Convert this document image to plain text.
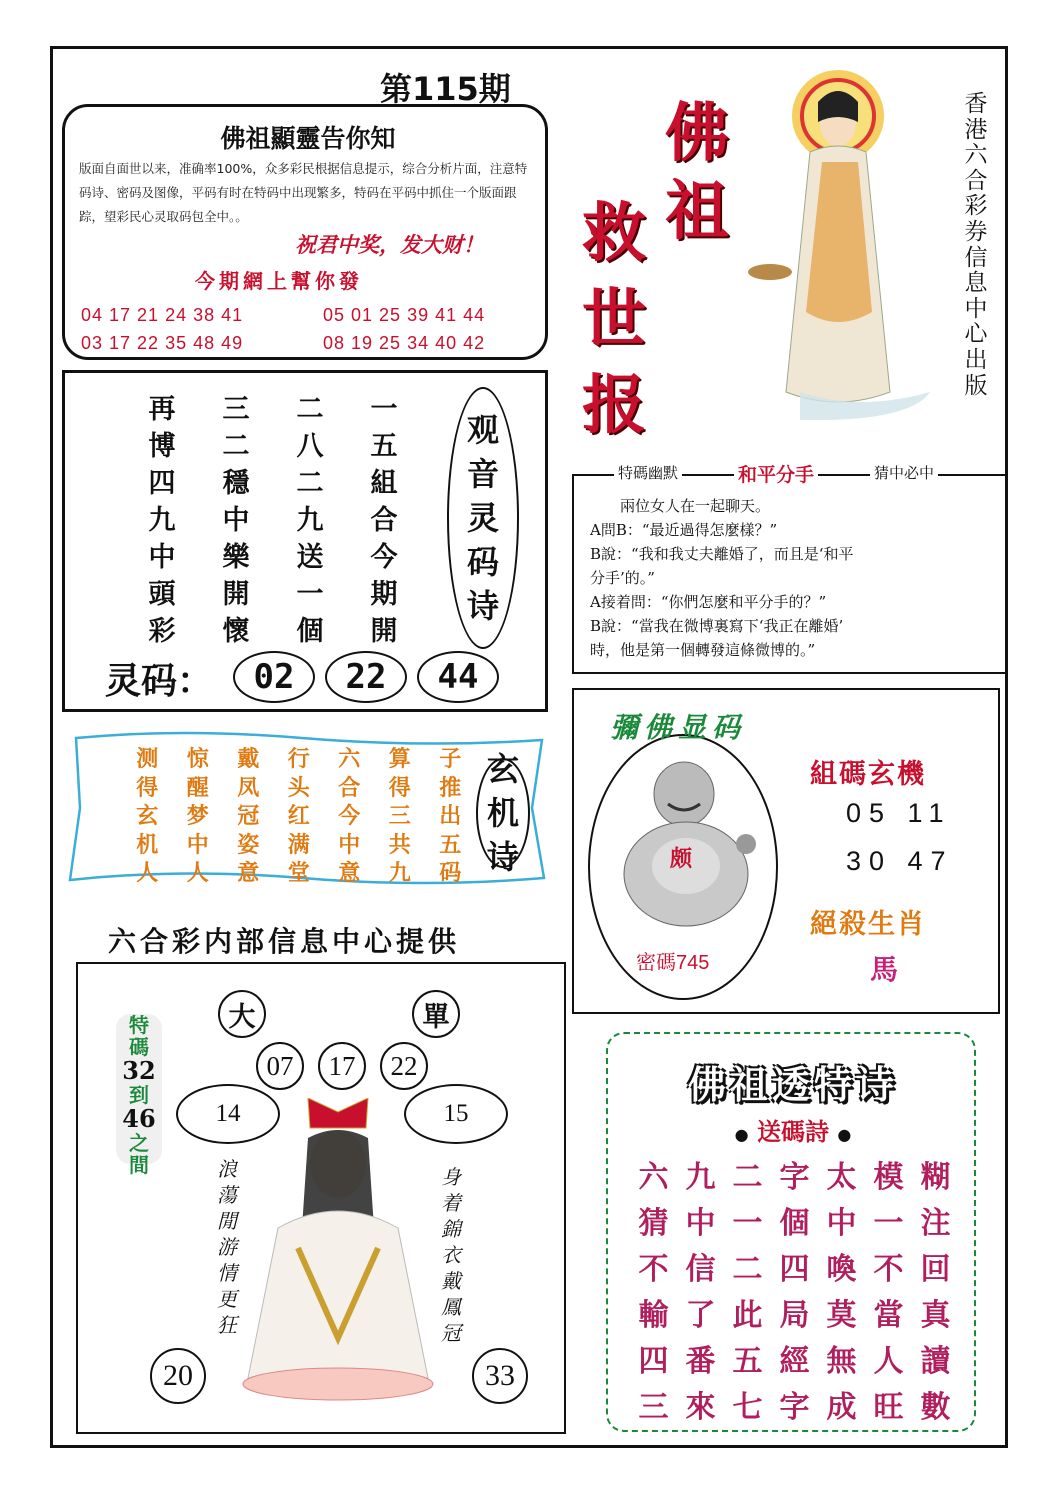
第115期
佛祖顯靈告你知
版面自面世以来，准确率100%，众多彩民根据信息提示，综合分析片面，注意特码诗、密码及图像，平码有时在特码中出现繁多，特码在平码中抓住一个版面跟踪，望彩民心灵取码包全中。。
祝君中奖，发大财！
今期網上幫你發
04 17 21 24 38 41	05 01 25 39 41 44
03 17 22 35 48 49	08 19 25 34 40 42
佛
祖
救
世
报
香港六合彩券信息中心出版
再	三	二	一
博	二	八	五
四	穩	二	組
九	中	九	合
中	樂	送	今
頭	開	一	期
彩	懷	個	開
观
音
灵
码
诗
灵码：	02	22	44
特碼幽默	和平分手	猜中必中
　　兩位女人在一起聊天。
A問B：“最近過得怎麼樣？”
B說：“我和我丈夫離婚了，而且是‘和平
分手’的。”
A接着問：“你們怎麼和平分手的？”
B說：“當我在微博裏寫下‘我正在離婚’
時，他是第一個轉發這條微博的。”
测	惊	戴	行	六	算	子
得	醒	凤	头	合	得	推
玄	梦	冠	红	今	三	出
机	中	姿	满	中	共	五
人	人	意	堂	意	九	码
玄
机
诗
六合彩内部信息中心提供
大	單
07	17	22
14	15
特碼
32
到
46
之間	浪蕩閒游情更狂
身着錦衣戴鳳冠
20	33
彌佛显码
颇
密碼745
組碼玄機
05 11
30 47
絕殺生肖
馬
佛祖透特诗
● 送碼詩 ●
六 九 二 字 太 模 糊
猜 中 一 個 中 一 注
不 信 二 四 喚 不 回
輸 了 此 局 莫 當 真
四 番 五 經 無 人 讀
三 來 七 字 成 旺 數
